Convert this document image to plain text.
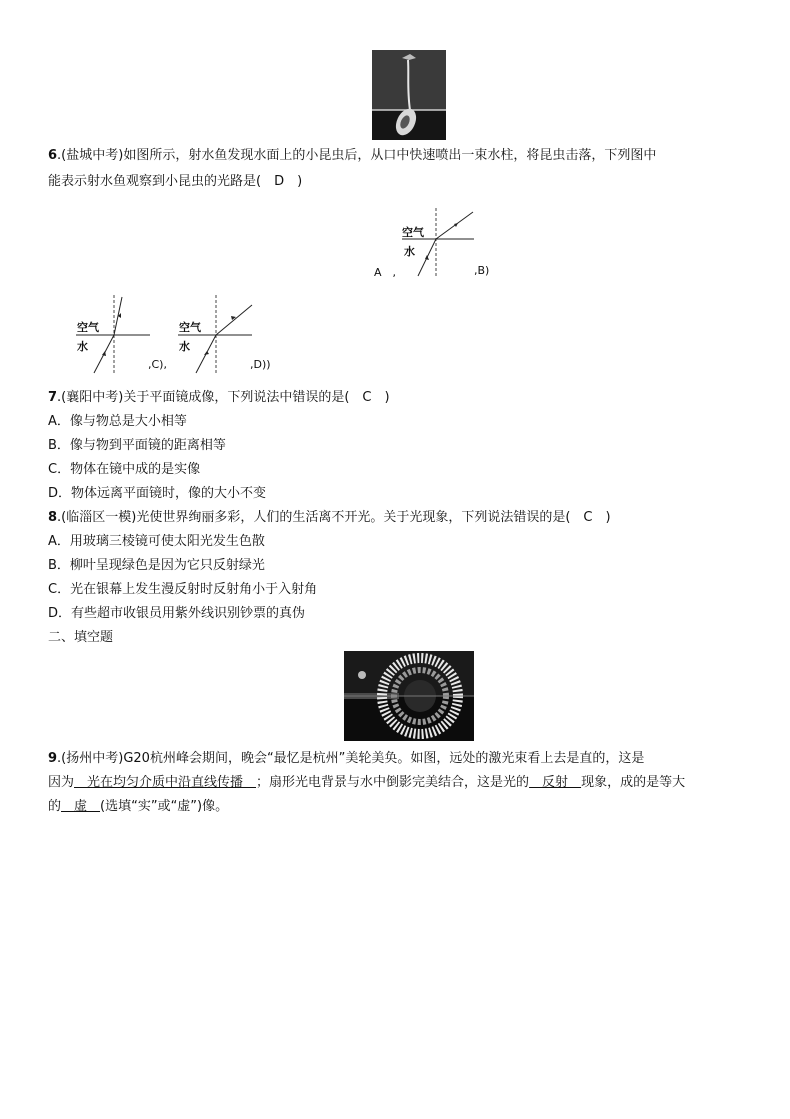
6.(盐城中考)如图所示，射水鱼发现水面上的小昆虫后，从口中快速喷出一束水柱，将昆虫击落，下列图中
能表示射水鱼观察到小昆虫的光路是(　D　)
A　,
空气
水
,B)
空气
水
,C),
空气
水
,D))
7.(襄阳中考)关于平面镜成像，下列说法中错误的是(　C　)
A．像与物总是大小相等
B．像与物到平面镜的距离相等
C．物体在镜中成的是实像
D．物体远离平面镜时，像的大小不变
8.(临淄区一模)光使世界绚丽多彩，人们的生活离不开光。关于光现象，下列说法错误的是(　C　)
A．用玻璃三棱镜可使太阳光发生色散
B．柳叶呈现绿色是因为它只反射绿光
C．光在银幕上发生漫反射时反射角小于入射角
D．有些超市收银员用紫外线识别钞票的真伪
二、填空题
9.(扬州中考)G20杭州峰会期间，晚会“最忆是杭州”美轮美奂。如图，远处的激光束看上去是直的，这是
因为　光在均匀介质中沿直线传播　；扇形光电背景与水中倒影完美结合，这是光的　反射　现象，成的是等大
的　虚　(选填“实”或“虚”)像。
